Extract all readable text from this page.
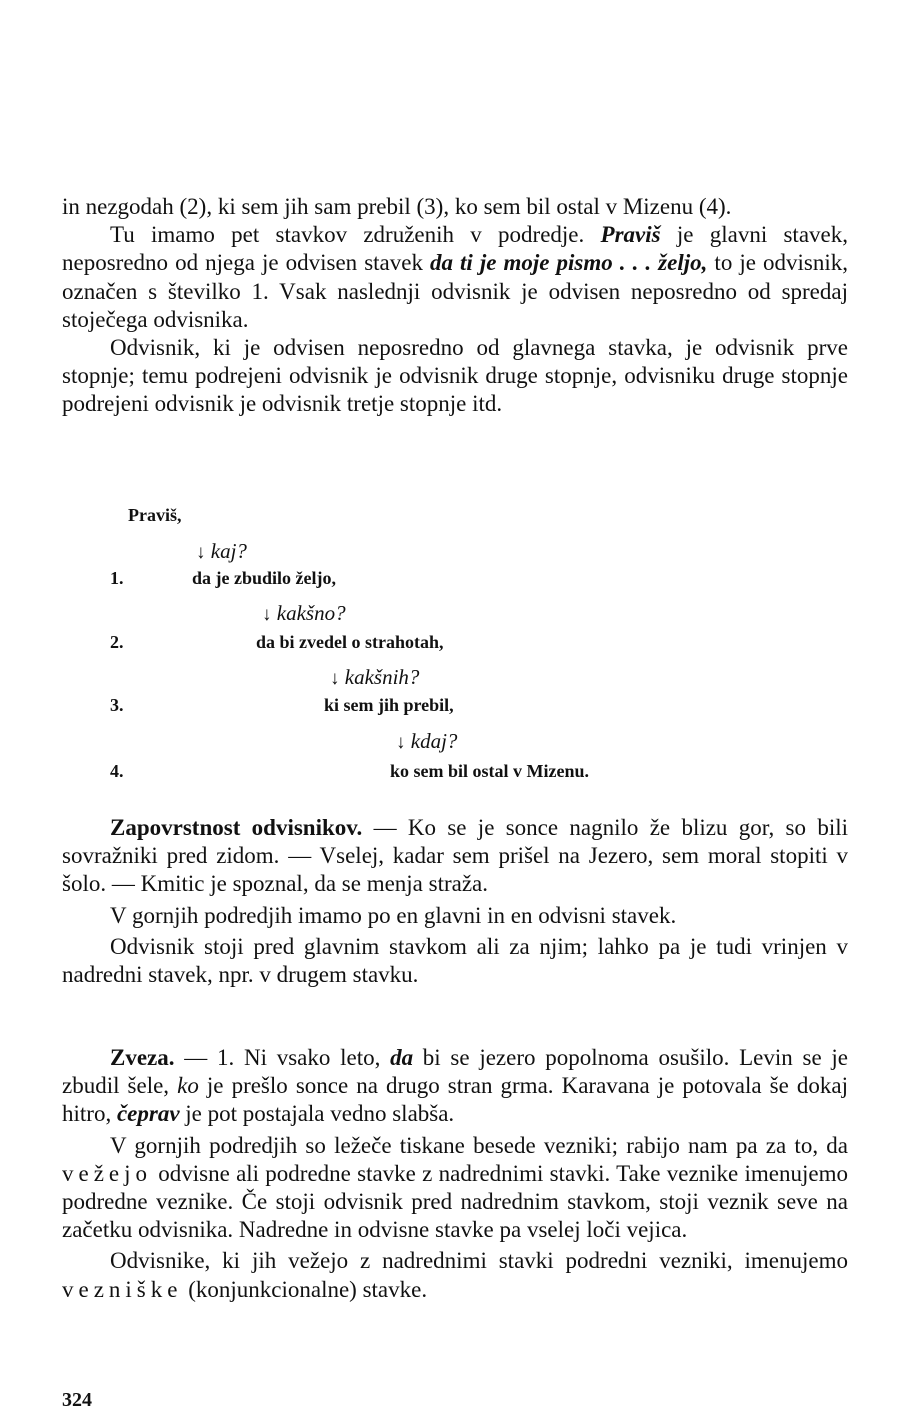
in nezgodah (2), ki sem jih sam prebil (3), ko sem bil ostal v Mizenu (4).

Tu imamo pet stavkov združenih v podredje. Praviš je glavni stavek, neposredno od njega je odvisen stavek da ti je moje pismo . . . željo, to je odvisnik, označen s številko 1. Vsak naslednji odvisnik je odvisen neposredno od spredaj stoječega odvisnika.

Odvisnik, ki je odvisen neposredno od glavnega stavka, je odvisnik prve stopnje; temu podrejeni odvisnik je odvisnik druge stopnje, odvisniku druge stopnje podrejeni odvisnik je odvisnik tretje stopnje itd.

Praviš,
↓ kaj?
1.	da je zbudilo željo,
↓ kakšno?
2.	da bi zvedel o strahotah,
↓ kakšnih?
3.	ki sem jih prebil,
↓ kdaj?
4.	ko sem bil ostal v Mizenu.

Zapovrstnost odvisnikov. — Ko se je sonce nagnilo že blizu gor, so bili sovražniki pred zidom. — Vselej, kadar sem prišel na Jezero, sem moral stopiti v šolo. — Kmitic je spoznal, da se menja straža.

V gornjih podredjih imamo po en glavni in en odvisni stavek.

Odvisnik stoji pred glavnim stavkom ali za njim; lahko pa je tudi vrinjen v nadredni stavek, npr. v drugem stavku.

Zveza. — 1. Ni vsako leto, da bi se jezero popolnoma osušilo. Levin se je zbudil šele, ko je prešlo sonce na drugo stran grma. Karavana je potovala še dokaj hitro, čeprav je pot postajala vedno slabša.

V gornjih podredjih so ležeče tiskane besede vezniki; rabijo nam pa za to, da vežejo odvisne ali podredne stavke z nadrednimi stavki. Take veznike imenujemo podredne veznike. Če stoji odvisnik pred nadrednim stavkom, stoji veznik seve na začetku odvisnika. Nadredne in odvisne stavke pa vselej loči vejica.

Odvisnike, ki jih vežejo z nadrednimi stavki podredni vezniki, imenujemo vezniške (konjunkcionalne) stavke.

324
